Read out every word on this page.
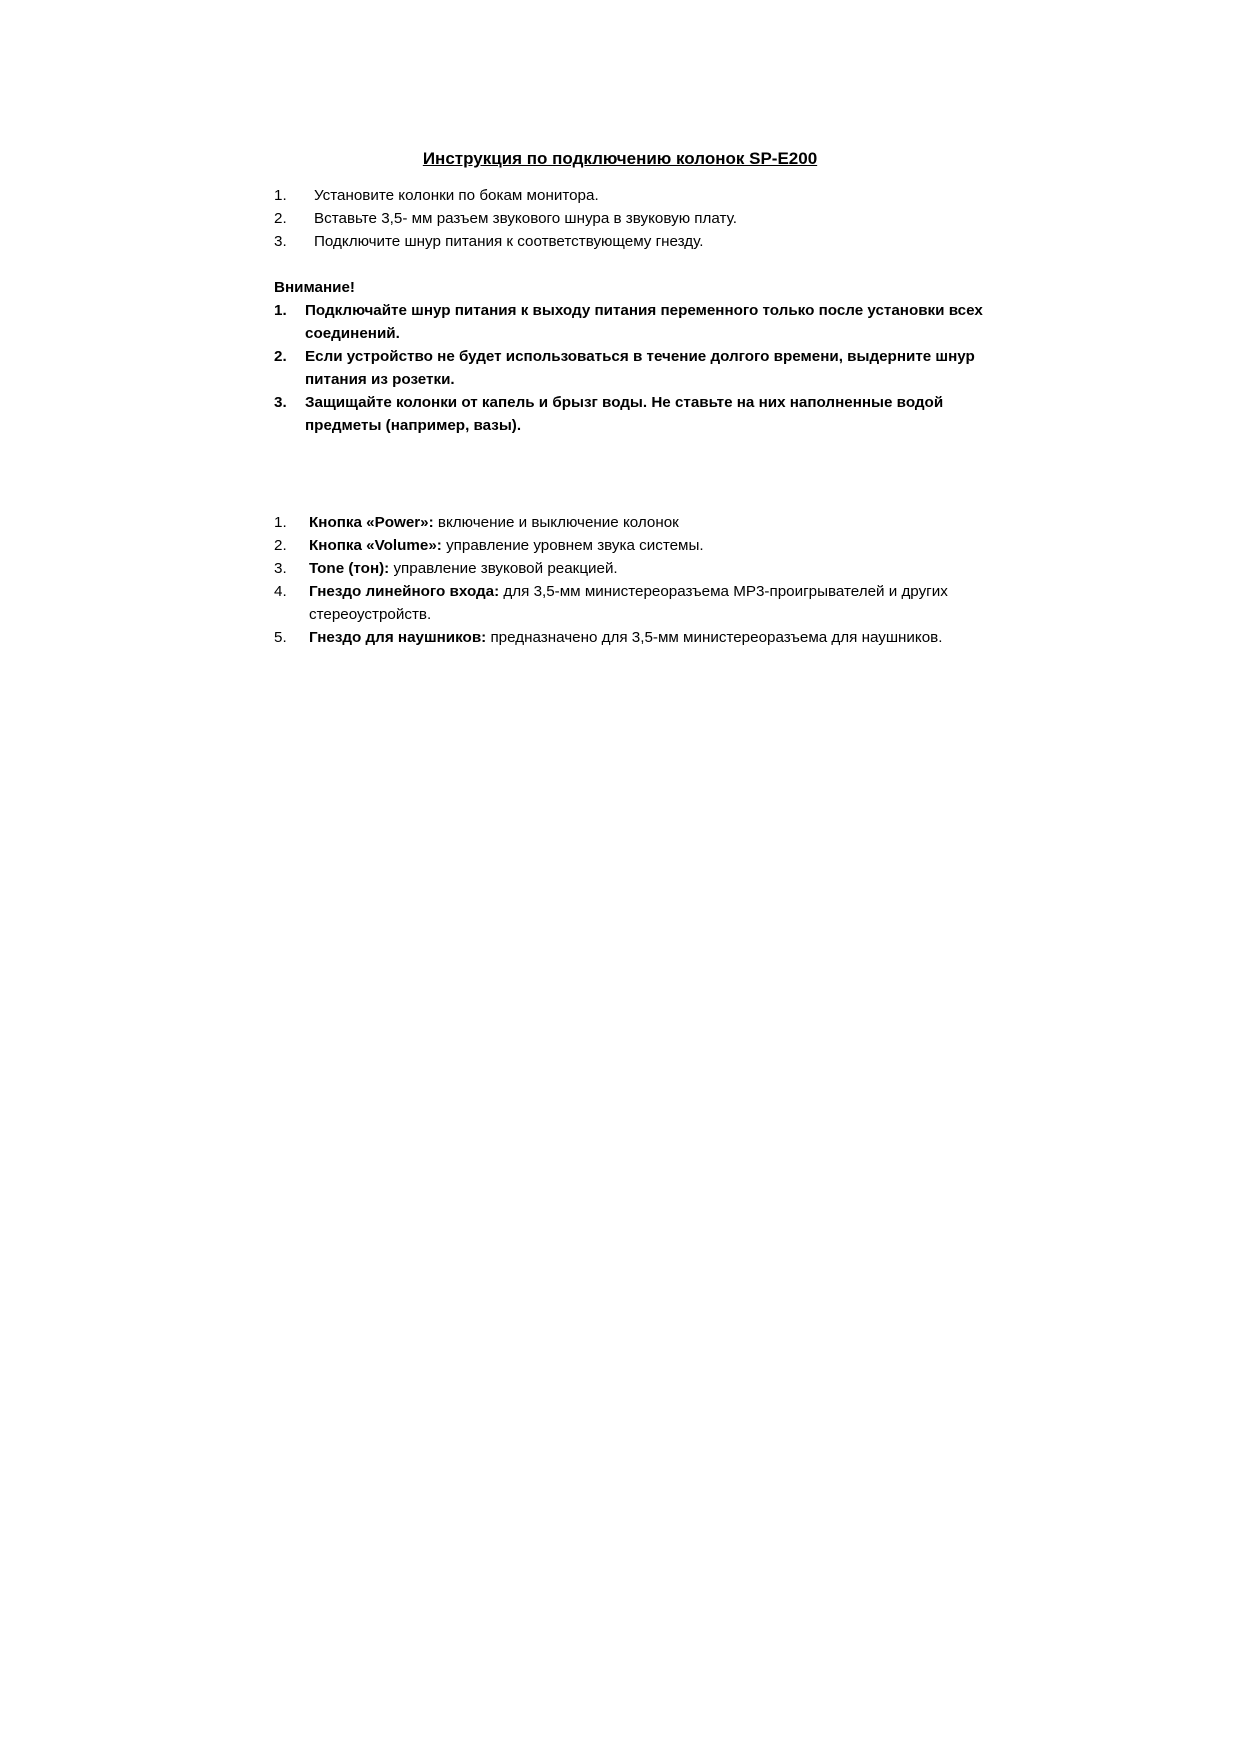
Инструкция по подключению колонок SP-E200
1. Установите колонки по бокам монитора.
2. Вставьте 3,5- мм разъем звукового шнура в звуковую плату.
3. Подключите шнур питания к соответствующему гнезду.
Внимание!
1. Подключайте шнур питания к выходу питания переменного только после установки всех соединений.
2. Если устройство не будет использоваться в течение долгого времени, выдерните шнур питания из розетки.
3. Защищайте колонки от капель и брызг воды. Не ставьте на них наполненные водой предметы (например, вазы).
1. Кнопка «Power»: включение и выключение колонок
2. Кнопка «Volume»: управление уровнем звука системы.
3. Tone (тон): управление звуковой реакцией.
4. Гнездо линейного входа: для 3,5-мм министереоразъема MP3-проигрывателей и других стереоустройств.
5. Гнездо для наушников: предназначено для 3,5-мм министереоразъема для наушников.
